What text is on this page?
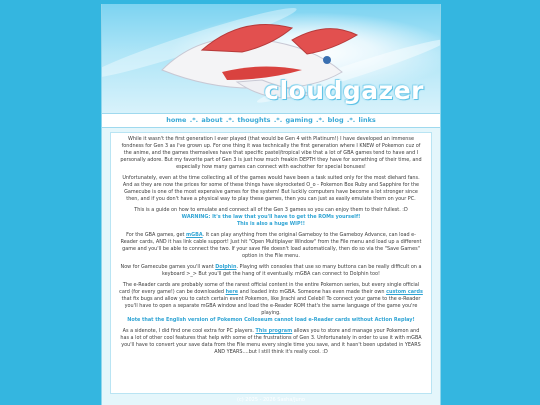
cloudgazer
home .*. about .*. thoughts .*. gaming .*. blog .*. links

While it wasn't the first generation I ever played (that would be Gen 4 with Platinum!) I have developed an immense fondness for Gen 3 as I've grown up. For one thing it was technically the first generation where I KNEW of Pokemon cuz of the anime, and the games themselves have that specific pastel/tropical vibe that a lot of GBA games tend to have and I personally adore. But my favorite part of Gen 3 is just how much freakin DEPTH they have for something of their time, and especially how many games can connect with eachother for special bonuses!

Unfortunately, even at the time collecting all of the games would have been a task suited only for the most diehard fans. And as they are now the prices for some of these things have skyrocketed O_o - Pokemon Box Ruby and Sapphire for the Gamecube is one of the most expensive games for the system! But luckily computers have become a lot stronger since then, and if you don't have a physical way to play these games, then you can just as easily emulate them on your PC.

This is a guide on how to emulate and connect all of the Gen 3 games so you can enjoy them to their fullest. :D
WARNING: It's the law that you'll have to get the ROMs yourself!
This is also a huge WIP!!

For the GBA games, get mGBA. It can play anything from the original Gameboy to the Gameboy Advance, can load e-Reader cards, AND it has link cable support! Just hit "Open Multiplayer Window" from the File menu and load up a different game and you'll be able to connect the two. If your save file doesn't load automatically, then do so via the "Save Games" option in the File menu.

Now for Gamecube games you'll want Dolphin. Playing with consoles that use so many buttons can be really difficult on a keyboard >_> But you'll get the hang of it eventually. mGBA can connect to Dolphin too!

The e-Reader cards are probably some of the rarest official content in the entire Pokemon series, but every single official card (for every game!) can be downloaded here and loaded into mGBA. Someone has even made their own custom cards that fix bugs and allow you to catch certain event Pokemon, like Jirachi and Celebi! To connect your game to the e-Reader you'll have to open a separate mGBA window and load the e-Reader ROM that's the same language of the game you're playing.
Note that the English version of Pokemon Colloseum cannot load e-Reader cards without Action Replay!

As a sidenote, I did find one cool extra for PC players. This program allows you to store and manage your Pokemon and has a lot of other cool features that help with some of the frustrations of Gen 3. Unfortunately in order to use it with mGBA you'll have to convert your save data from the File menu every single time you save, and it hasn't been updated in YEARS AND YEARS....but I still think it's really cool. :D

(c) 2025 - 2026 Sasha/Juno
